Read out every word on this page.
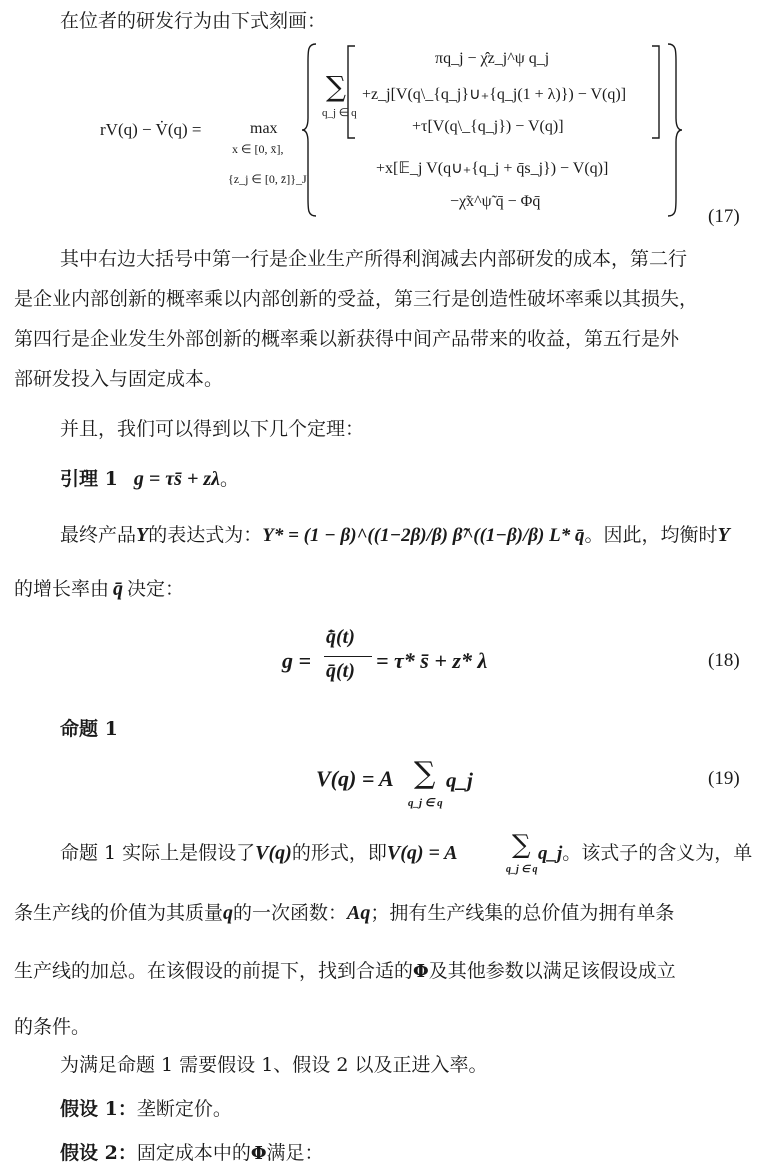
在位者的研发行为由下式刻画：
rV(q) − V̇(q) =	max
x ∈ [0, x̄],
{z_j ∈ [0, z̄]}_J
∑
q_j ∈ q
πq_j − χ̂z_j^ψ q_j
+z_j[V(q\_{q_j}∪₊{q_j(1 + λ)}) − V(q)]
+τ[V(q\_{q_j}) − V(q)]
+x[𝔼_j V(q∪₊{q_j + q̄s_j}) − V(q)]
−χ̃x^ψ̃ q̄ − Φq̄
(17)
其中右边大括号中第一行是企业生产所得利润减去内部研发的成本，第二行
是企业内部创新的概率乘以内部创新的受益，第三行是创造性破坏率乘以其损失，
第四行是企业发生外部创新的概率乘以新获得中间产品带来的收益，第五行是外
部研发投入与固定成本。
并且，我们可以得到以下几个定理：
引理 1 g = τs̄ + zλ。
最终产品Y的表达式为：Y* = (1 − β)^((1−2β)/β) β̃^((1−β)/β) L* q̄。因此，均衡时Y
的增长率由 q̄ 决定：
g =
q̄̇(t)
q̄(t) = τ* s̄ + z* λ	(18)
命题 1
V(q) = A ∑
q_j ∈ q
q_j	(19)
命题 1 实际上是假设了V(q)的形式，即V(q) = A ∑
q_j ∈ q
q_j。该式子的含义为，单
条生产线的价值为其质量q的一次函数：Aq；拥有生产线集的总价值为拥有单条
生产线的加总。在该假设的前提下，找到合适的Φ及其他参数以满足该假设成立
的条件。
为满足命题 1 需要假设 1、假设 2 以及正进入率。
假设 1：垄断定价。
假设 2：固定成本中的Φ满足：
